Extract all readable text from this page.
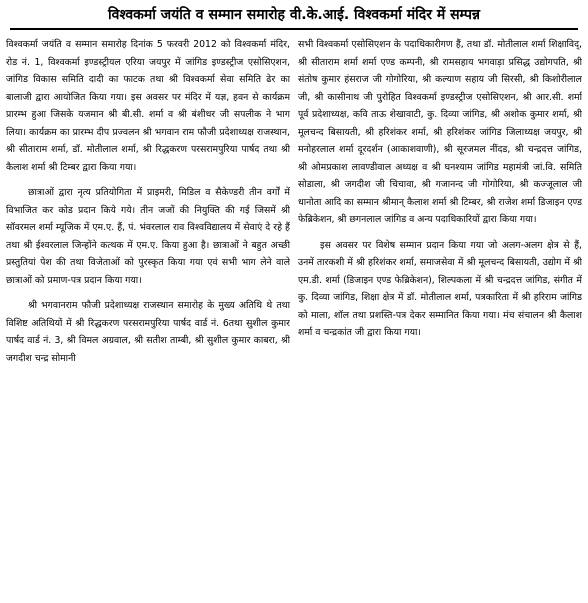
विश्वकर्मा जयंति व सम्मान समारोह वी.के.आई. विश्वकर्मा मंदिर में सम्पन्न

विश्वकर्मा जयंति व सम्मान समारोह दिनांक 5 फरवरी 2012 को विश्वकर्मा मंदिर, रोड नं. 1, विश्वकर्मा इण्डस्ट्रीयल एरिया जयपुर में जांगिड इण्डस्ट्रीज एसोसिएशन, जांगिड विकास समिति दादी का फाटक तथा श्री विश्वकर्मा सेवा समिति ढेर का बालाजी द्वारा आयोजित किया गया। इस अवसर पर मंदिर में यज्ञ, हवन से कार्यक्रम प्रारम्भ हुआ जिसके यजमान श्री बी.सी. शर्मा व श्री बंशीधर जी सपलीक ने भाग लिया। कार्यक्रम का प्रारम्भ दीप प्रज्वलन श्री भगवान राम फौजी प्रदेशाध्यक्ष राजस्थान, श्री सीताराम शर्मा, डॉ. मोतीलाल शर्मा, श्री रिद्धकरण परसरामपुरिया पार्षद तथा श्री कैलाश शर्मा श्री टिम्बर द्वारा किया गया।

छात्राओं द्वारा नृत्य प्रतियोगिता में प्राइमरी, मिडिल व सैकेण्डरी तीन वर्गों में विभाजित कर कोड प्रदान किये गये। तीन जजों की नियुक्ति की गई जिसमें श्री सॉवरमल शर्मा म्यूजिक में एम.ए. हैं, पं. भंवरलाल राव विश्वविद्यालय में सेवाएं दे रहे हैं तथा श्री ईश्वरलाल जिन्होंने कत्थक में एम.ए. किया हुआ है। छात्राओं ने बहुत अच्छी प्रस्तुतियां पेश की तथा विजेताओं को पुरस्कृत किया गया एवं सभी भाग लेने वाले छात्राओं को प्रमाण-पत्र प्रदान किया गया।

श्री भगवानराम फौजी प्रदेशाध्यक्ष राजस्थान समारोह के मुख्य अतिथि थे तथा विशिष्ट अतिथियों में श्री रिद्धकरण परसरामपुरिया पार्षद वार्ड नं. 6तथा सुशील कुमार पार्षद वार्ड नं. 3, श्री विमल अग्रवाल, श्री सतीश ताम्बी, श्री सुशील कुमार काबरा, श्री जगदीश चन्द्र सोमानी

सभी विश्वकर्मा एसोसिएशन के पदाधिकारीगण हैं, तथा डॉ. मोतीलाल शर्मा शिक्षाविद्, श्री सीताराम शर्मा शर्मा एण्ड कम्पनी, श्री रामसहाय भगवाड़ा प्रसिद्ध उद्योगपति, श्री संतोष कुमार हंसराज जी गोगोरिया, श्री कल्याण सहाय जी सिरसी, श्री किशोरीलाल जी, श्री कासीनाथ जी पुरोहित विश्वकर्मा इण्डस्ट्रीज एसोसिएशन, श्री आर.सी. शर्मा पूर्व प्रदेशाध्यक्ष, कवि ताऊ शेखावाटी, कु. दिव्या जांगिड, श्री अशोक कुमार शर्मा, श्री मूलचन्द बिसायती, श्री हरिशंकर शर्मा, श्री हरिशंकर जांगिड जिलाध्यक्ष जयपुर, श्री मनोहरलाल शर्मा दूरदर्शन (आकाशवाणी), श्री सूरजमल नींदड, श्री चन्द्रदत्त जांगिड, श्री ओमप्रकाश लावण्डीवाल अध्यक्ष व श्री घनश्याम जांगिड महामंत्री जां.वि. समिति सोडाला, श्री जगदीश जी चिचावा, श्री गजानन्द जी गोगोरिया, श्री कज्जूलाल जी धानोता आदि का सम्मान श्रीमान् कैलाश शर्मा श्री टिम्बर, श्री राजेश शर्मा डिजाइन एण्ड फेब्रिकेशन, श्री छगनलाल जांगिड व अन्य पदाधिकारियों द्वारा किया गया।

इस अवसर पर विशेष सम्मान प्रदान किया गया जो अलग-अलग क्षेत्र से हैं, उनमें तारकशी में श्री हरिशंकर शर्मा, समाजसेवा में श्री मूलचन्द बिसायती, उद्योग में श्री एम.डी. शर्मा (डिजाइन एण्ड फेब्रिकेशन), शिल्पकला में श्री चन्द्रदत्त जांगिड, संगीत में कु. दिव्या जांगिड, शिक्षा क्षेत्र में डॉ. मोतीलाल शर्मा, पत्रकारिता में श्री हरिराम जांगिड को माला, शॉल तथा प्रशस्ति-पत्र देकर सम्मानित किया गया। मंच संचालन श्री कैलाश शर्मा व चन्द्रकांत जी द्वारा किया गया।
